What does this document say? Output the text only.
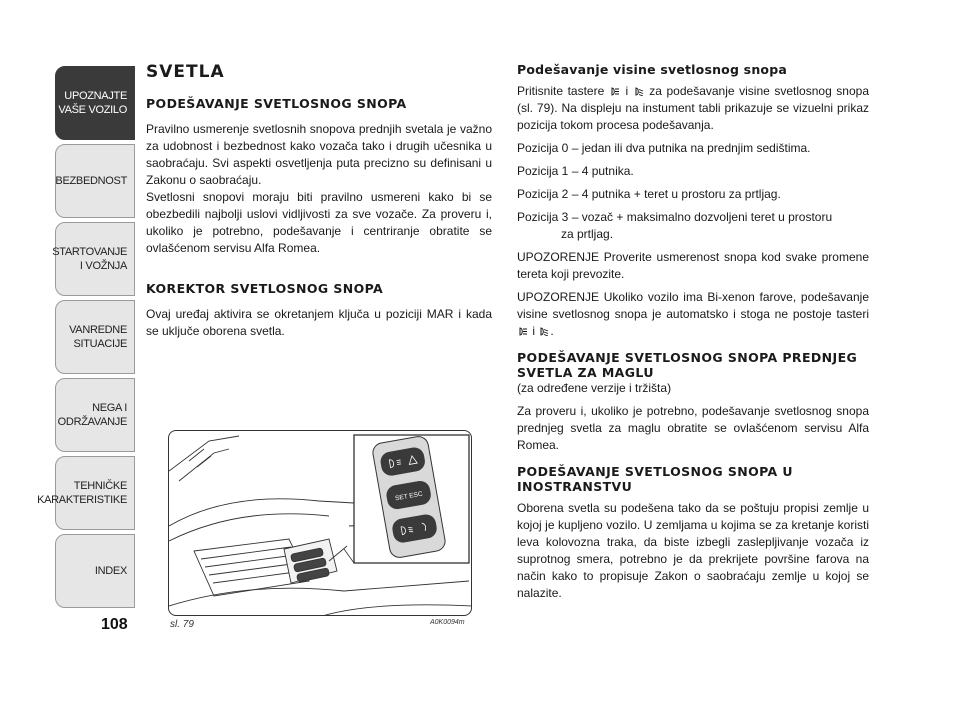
UPOZNAJTE
VAŠE VOZILO
BEZBEDNOST
STARTOVANJE
I VOŽNJA
VANREDNE
SITUACIJE
NEGA I
ODRŽAVANJE
TEHNIČKE
KARAKTERISTIKE
INDEX
108
SVETLA
PODEŠAVANJE SVETLOSNOG SNOPA
Pravilno usmerenje svetlosnih snopova prednjih svetala je važno za udobnost i bezbednost kako vozača tako i drugih učesnika u saobraćaju. Svi aspekti osvetljenja puta precizno su definisani u Zakonu o saobraćaju.
Svetlosni snopovi moraju biti pravilno usmereni kako bi se obezbedili najbolji uslovi vidljivosti za sve vozače. Za proveru i, ukoliko je potrebno, podešavanje i centriranje obratite se ovlašćenom servisu Alfa Romea.
KOREKTOR SVETLOSNOG SNOPA
Ovaj uređaj aktivira se okretanjem ključa u poziciji MAR i kada se uključe oborena svetla.
Podešavanje visine svetlosnog snopa
Pritisnite tastere i za podešavanje visine svetlosnog snopa (sl. 79). Na displeju na instument tabli prikazuje se vizuelni prikaz pozicija tokom procesa podešavanja.
Pozicija 0 – jedan ili dva putnika na prednjim sedištima.
Pozicija 1 – 4 putnika.
Pozicija 2 – 4 putnika + teret u prostoru za prtljag.
Pozicija 3 – vozač + maksimalno dozvoljeni teret u prostoru
za prtljag.
UPOZORENJE Proverite usmerenost snopa kod svake promene tereta koji prevozite.
UPOZORENJE Ukoliko vozilo ima Bi-xenon farove, podešavanje visine svetlosnog snopa je automatsko i stoga ne postoje tasteri  i .
PODEŠAVANJE SVETLOSNOG SNOPA PREDNJEG SVETLA ZA MAGLU
(za određene verzije i tržišta)
Za proveru i, ukoliko je potrebno, podešavanje svetlosnog snopa prednjeg svetla za maglu obratite se ovlašćenom servisu Alfa Romea.
PODEŠAVANJE SVETLOSNOG SNOPA U INOSTRANSTVU
Oborena svetla su podešena tako da se poštuju propisi zemlje u kojoj je kupljeno vozilo. U zemljama u kojima se za kretanje koristi leva kolovozna traka, da biste izbegli zaslepljivanje vozača iz suprotnog smera, potrebno je da prekrijete površine farova na način kako to propisuje Zakon o saobraćaju zemlje u kojoj se nalazite.
SET ESC
sl. 79	A0K0094m
